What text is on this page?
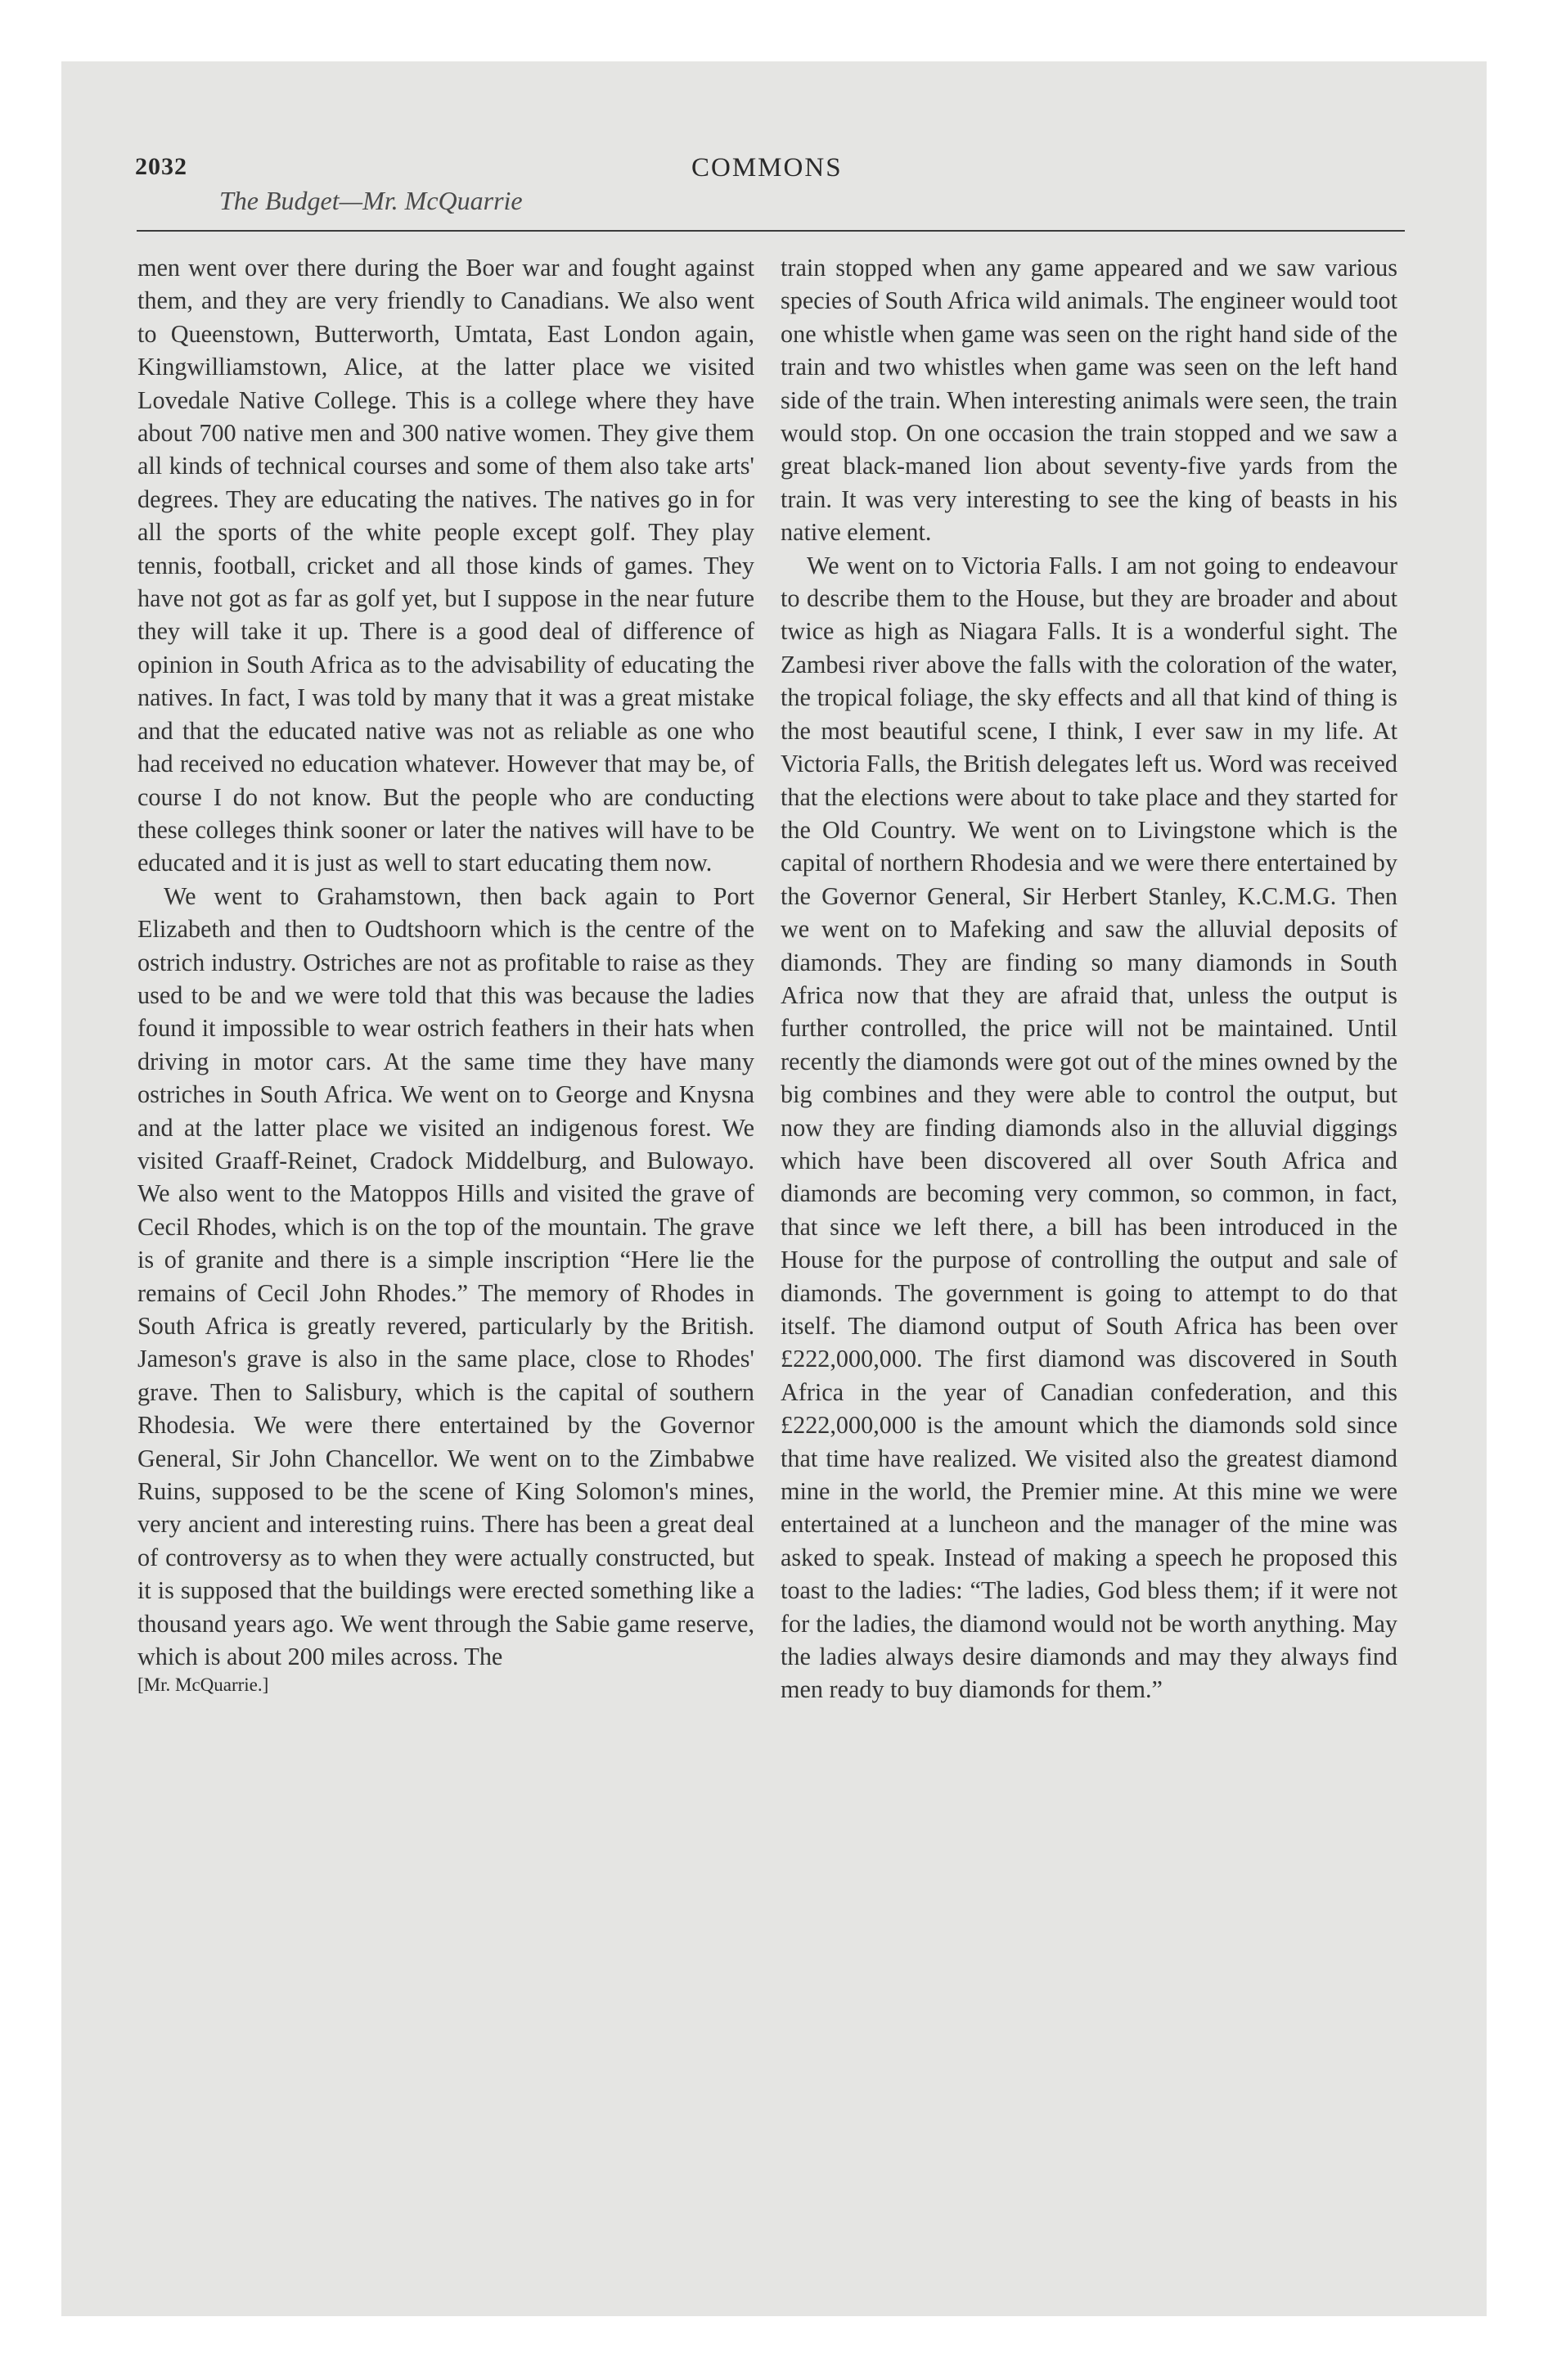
2032	COMMONS
The Budget—Mr. McQuarrie

men went over there during the Boer war and fought against them, and they are very friendly to Canadians. We also went to Queenstown, Butterworth, Umtata, East London again, Kingwilliamstown, Alice, at the latter place we visited Lovedale Native College. This is a college where they have about 700 native men and 300 native women. They give them all kinds of technical courses and some of them also take arts' degrees. They are educating the natives. The natives go in for all the sports of the white people except golf. They play tennis, football, cricket and all those kinds of games. They have not got as far as golf yet, but I suppose in the near future they will take it up. There is a good deal of difference of opinion in South Africa as to the advisability of educating the natives. In fact, I was told by many that it was a great mistake and that the educated native was not as reliable as one who had received no education whatever. However that may be, of course I do not know. But the people who are conducting these colleges think sooner or later the natives will have to be educated and it is just as well to start educating them now.

We went to Grahamstown, then back again to Port Elizabeth and then to Oudtshoorn which is the centre of the ostrich industry. Ostriches are not as profitable to raise as they used to be and we were told that this was because the ladies found it impossible to wear ostrich feathers in their hats when driving in motor cars. At the same time they have many ostriches in South Africa. We went on to George and Knysna and at the latter place we visited an indigenous forest. We visited Graaff-Reinet, Cradock Middelburg, and Bulowayo. We also went to the Matoppos Hills and visited the grave of Cecil Rhodes, which is on the top of the mountain. The grave is of granite and there is a simple inscription “Here lie the remains of Cecil John Rhodes.” The memory of Rhodes in South Africa is greatly revered, particularly by the British. Jameson's grave is also in the same place, close to Rhodes' grave. Then to Salisbury, which is the capital of southern Rhodesia. We were there entertained by the Governor General, Sir John Chancellor. We went on to the Zimbabwe Ruins, supposed to be the scene of King Solomon's mines, very ancient and interesting ruins. There has been a great deal of controversy as to when they were actually constructed, but it is supposed that the buildings were erected something like a thousand years ago. We went through the Sabie game reserve, which is about 200 miles across. The

[Mr. McQuarrie.]

train stopped when any game appeared and we saw various species of South Africa wild animals. The engineer would toot one whistle when game was seen on the right hand side of the train and two whistles when game was seen on the left hand side of the train. When interesting animals were seen, the train would stop. On one occasion the train stopped and we saw a great black-maned lion about seventy-five yards from the train. It was very interesting to see the king of beasts in his native element.

We went on to Victoria Falls. I am not going to endeavour to describe them to the House, but they are broader and about twice as high as Niagara Falls. It is a wonderful sight. The Zambesi river above the falls with the coloration of the water, the tropical foliage, the sky effects and all that kind of thing is the most beautiful scene, I think, I ever saw in my life. At Victoria Falls, the British delegates left us. Word was received that the elections were about to take place and they started for the Old Country. We went on to Livingstone which is the capital of northern Rhodesia and we were there entertained by the Governor General, Sir Herbert Stanley, K.C.M.G. Then we went on to Mafeking and saw the alluvial deposits of diamonds. They are finding so many diamonds in South Africa now that they are afraid that, unless the output is further controlled, the price will not be maintained. Until recently the diamonds were got out of the mines owned by the big combines and they were able to control the output, but now they are finding diamonds also in the alluvial diggings which have been discovered all over South Africa and diamonds are becoming very common, so common, in fact, that since we left there, a bill has been introduced in the House for the purpose of controlling the output and sale of diamonds. The government is going to attempt to do that itself. The diamond output of South Africa has been over £222,000,000. The first diamond was discovered in South Africa in the year of Canadian confederation, and this £222,000,000 is the amount which the diamonds sold since that time have realized. We visited also the greatest diamond mine in the world, the Premier mine. At this mine we were entertained at a luncheon and the manager of the mine was asked to speak. Instead of making a speech he proposed this toast to the ladies: “The ladies, God bless them; if it were not for the ladies, the diamond would not be worth anything. May the ladies always desire diamonds and may they always find men ready to buy diamonds for them.”
